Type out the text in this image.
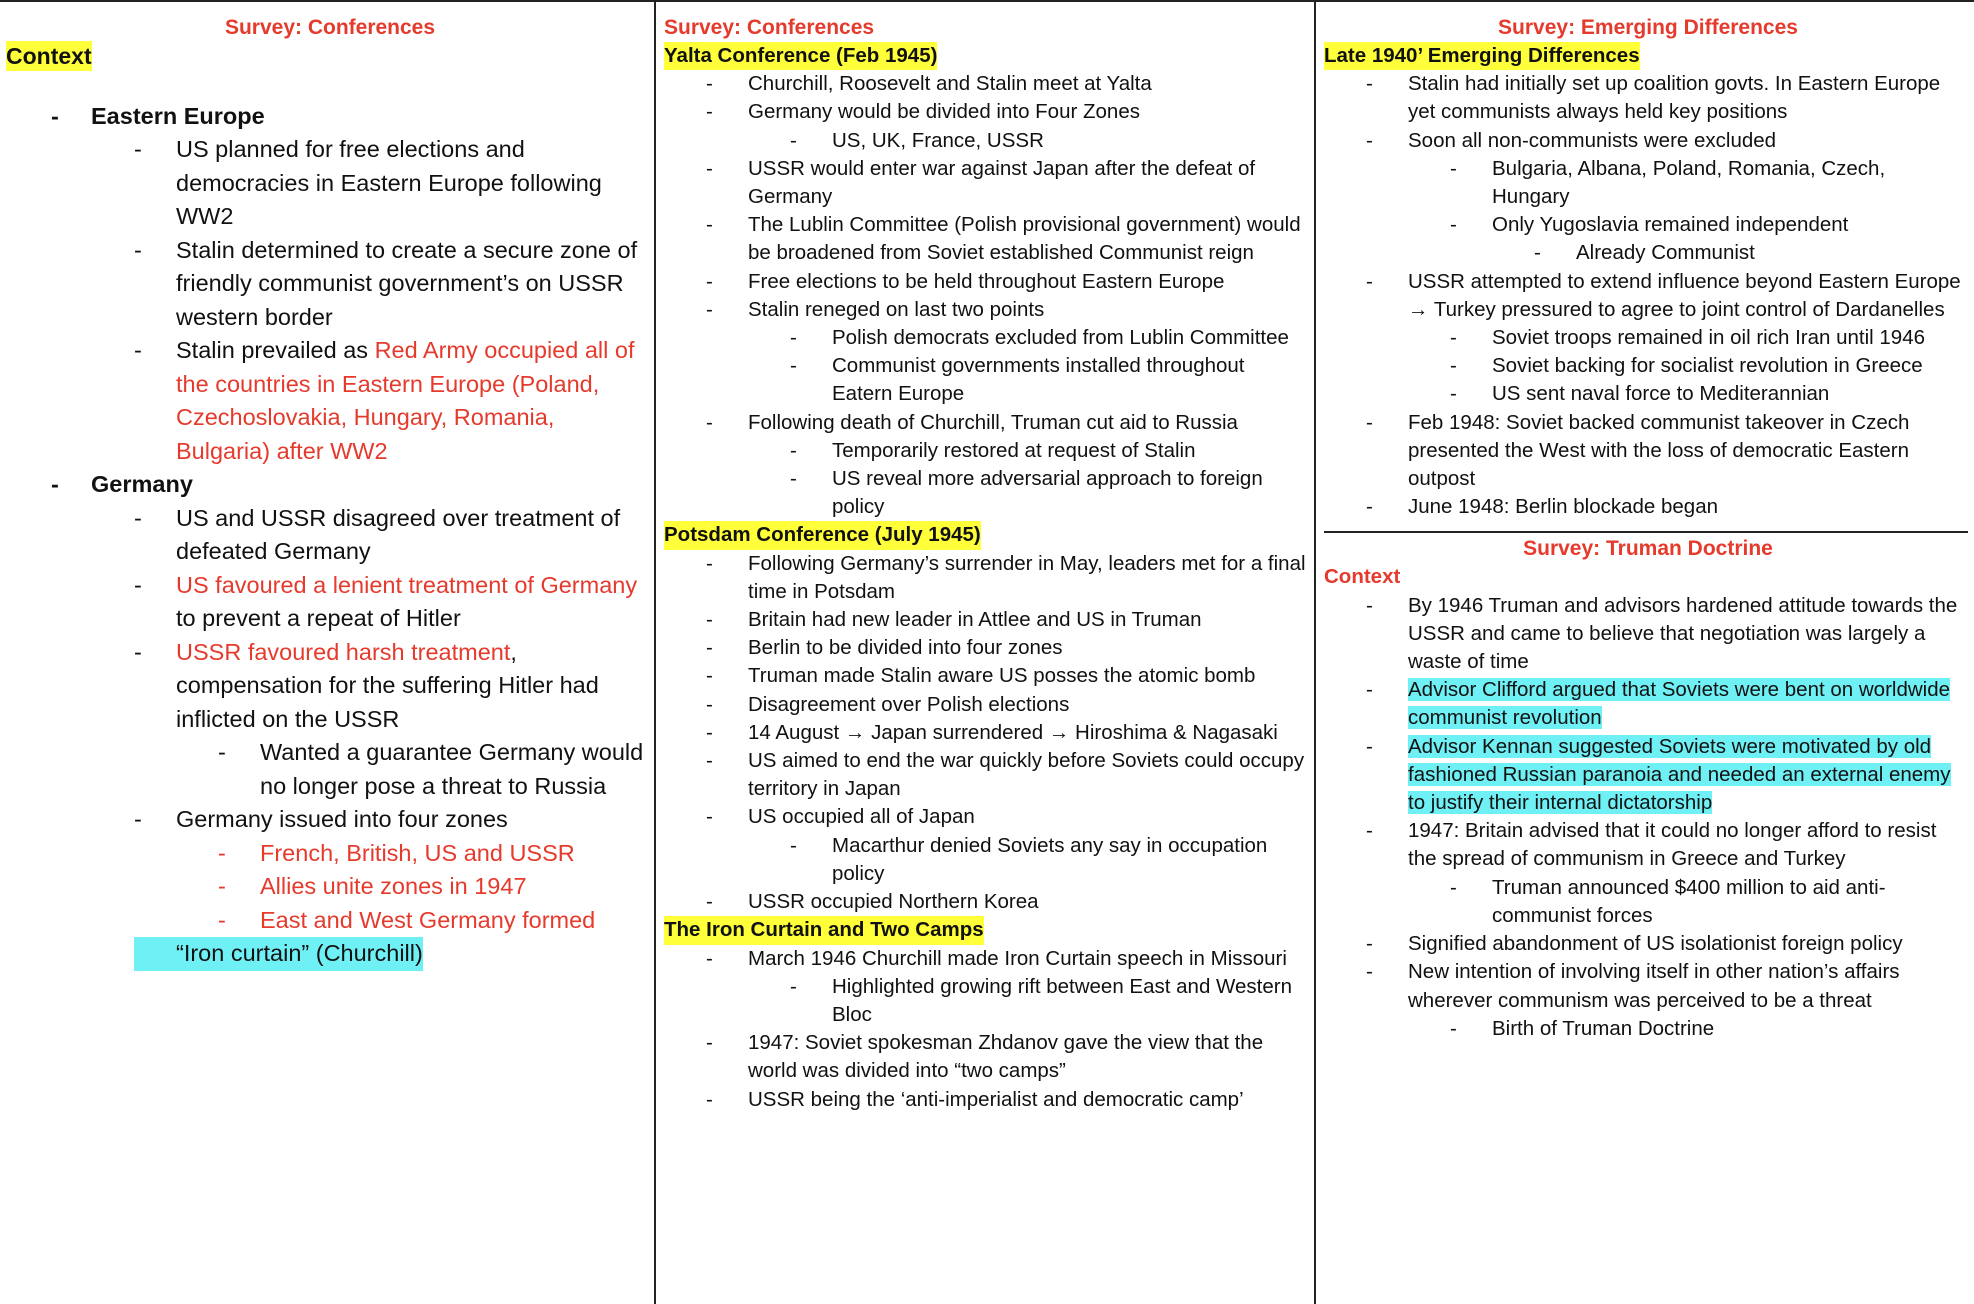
Survey: Conferences
Context
- Eastern Europe
- US planned for free elections and democracies in Eastern Europe following WW2
- Stalin determined to create a secure zone of friendly communist government’s on USSR western border
- Stalin prevailed as Red Army occupied all of the countries in Eastern Europe (Poland, Czechoslovakia, Hungary, Romania, Bulgaria) after WW2
- Germany
- US and USSR disagreed over treatment of defeated Germany
- US favoured a lenient treatment of Germany to prevent a repeat of Hitler
- USSR favoured harsh treatment, compensation for the suffering Hitler had inflicted on the USSR
- Wanted a guarantee Germany would no longer pose a threat to Russia
- Germany issued into four zones
- French, British, US and USSR
- Allies unite zones in 1947
- East and West Germany formed
- “Iron curtain” (Churchill)
Survey: Conferences
Yalta Conference (Feb 1945)
- Churchill, Roosevelt and Stalin meet at Yalta
- Germany would be divided into Four Zones
- US, UK, France, USSR
- USSR would enter war against Japan after the defeat of Germany
- The Lublin Committee (Polish provisional government) would be broadened from Soviet established Communist reign
- Free elections to be held throughout Eastern Europe
- Stalin reneged on last two points
- Polish democrats excluded from Lublin Committee
- Communist governments installed throughout Eatern Europe
- Following death of Churchill, Truman cut aid to Russia
- Temporarily restored at request of Stalin
- US reveal more adversarial approach to foreign policy
Potsdam Conference (July 1945)
- Following Germany’s surrender in May, leaders met for a final time in Potsdam
- Britain had new leader in Attlee and US in Truman
- Berlin to be divided into four zones
- Truman made Stalin aware US posses the atomic bomb
- Disagreement over Polish elections
- 14 August → Japan surrendered → Hiroshima & Nagasaki
- US aimed to end the war quickly before Soviets could occupy territory in Japan
- US occupied all of Japan
- Macarthur denied Soviets any say in occupation policy
- USSR occupied Northern Korea
The Iron Curtain and Two Camps
- March 1946 Churchill made Iron Curtain speech in Missouri
- Highlighted growing rift between East and Western Bloc
- 1947: Soviet spokesman Zhdanov gave the view that the world was divided into “two camps”
- USSR being the ‘anti-imperialist and democratic camp’
Survey: Emerging Differences
Late 1940’ Emerging Differences
- Stalin had initially set up coalition govts. In Eastern Europe yet communists always held key positions
- Soon all non-communists were excluded
- Bulgaria, Albana, Poland, Romania, Czech, Hungary
- Only Yugoslavia remained independent
- Already Communist
- USSR attempted to extend influence beyond Eastern Europe → Turkey pressured to agree to joint control of Dardanelles
- Soviet troops remained in oil rich Iran until 1946
- Soviet backing for socialist revolution in Greece
- US sent naval force to Mediterannian
- Feb 1948: Soviet backed communist takeover in Czech presented the West with the loss of democratic Eastern outpost
- June 1948: Berlin blockade began
Survey: Truman Doctrine
Context
- By 1946 Truman and advisors hardened attitude towards the USSR and came to believe that negotiation was largely a waste of time
- Advisor Clifford argued that Soviets were bent on worldwide communist revolution
- Advisor Kennan suggested Soviets were motivated by old fashioned Russian paranoia and needed an external enemy to justify their internal dictatorship
- 1947: Britain advised that it could no longer afford to resist the spread of communism in Greece and Turkey
- Truman announced $400 million to aid anti-communist forces
- Signified abandonment of US isolationist foreign policy
- New intention of involving itself in other nation’s affairs wherever communism was perceived to be a threat
- Birth of Truman Doctrine
